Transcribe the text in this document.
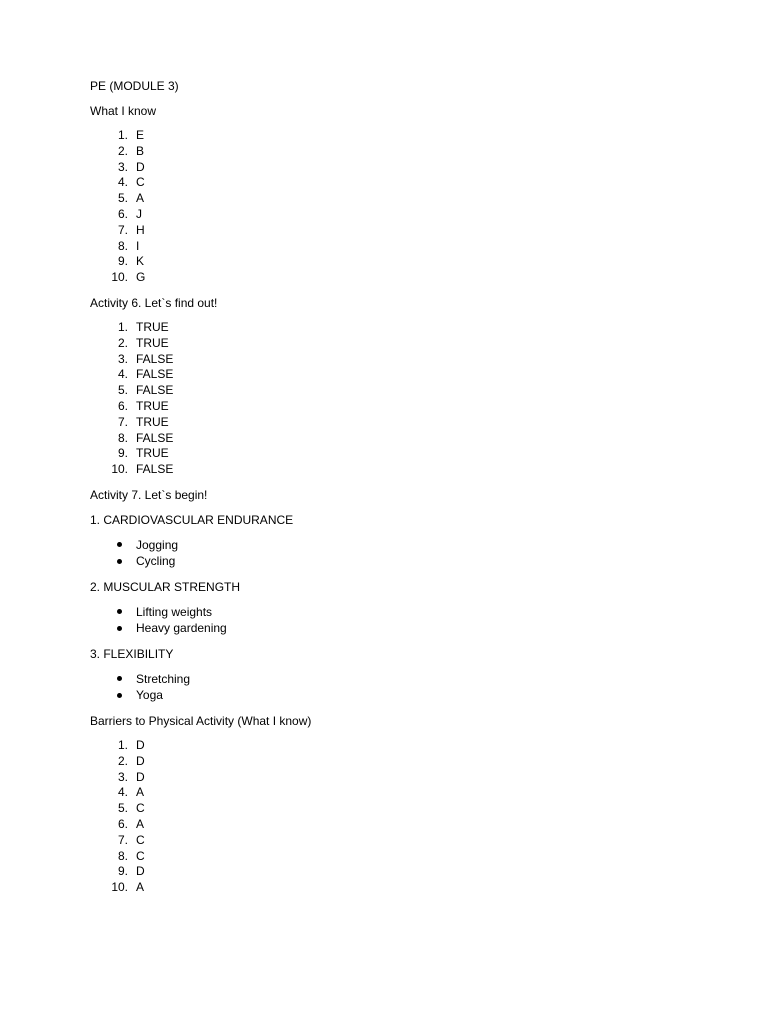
PE (MODULE 3)
What I know
1. E
2. B
3. D
4. C
5. A
6. J
7. H
8. I
9. K
10. G
Activity 6. Let`s find out!
1. TRUE
2. TRUE
3. FALSE
4. FALSE
5. FALSE
6. TRUE
7. TRUE
8. FALSE
9. TRUE
10. FALSE
Activity 7. Let`s begin!
1. CARDIOVASCULAR ENDURANCE
Jogging
Cycling
2. MUSCULAR STRENGTH
Lifting weights
Heavy gardening
3. FLEXIBILITY
Stretching
Yoga
Barriers to Physical Activity (What I know)
1. D
2. D
3. D
4. A
5. C
6. A
7. C
8. C
9. D
10. A
